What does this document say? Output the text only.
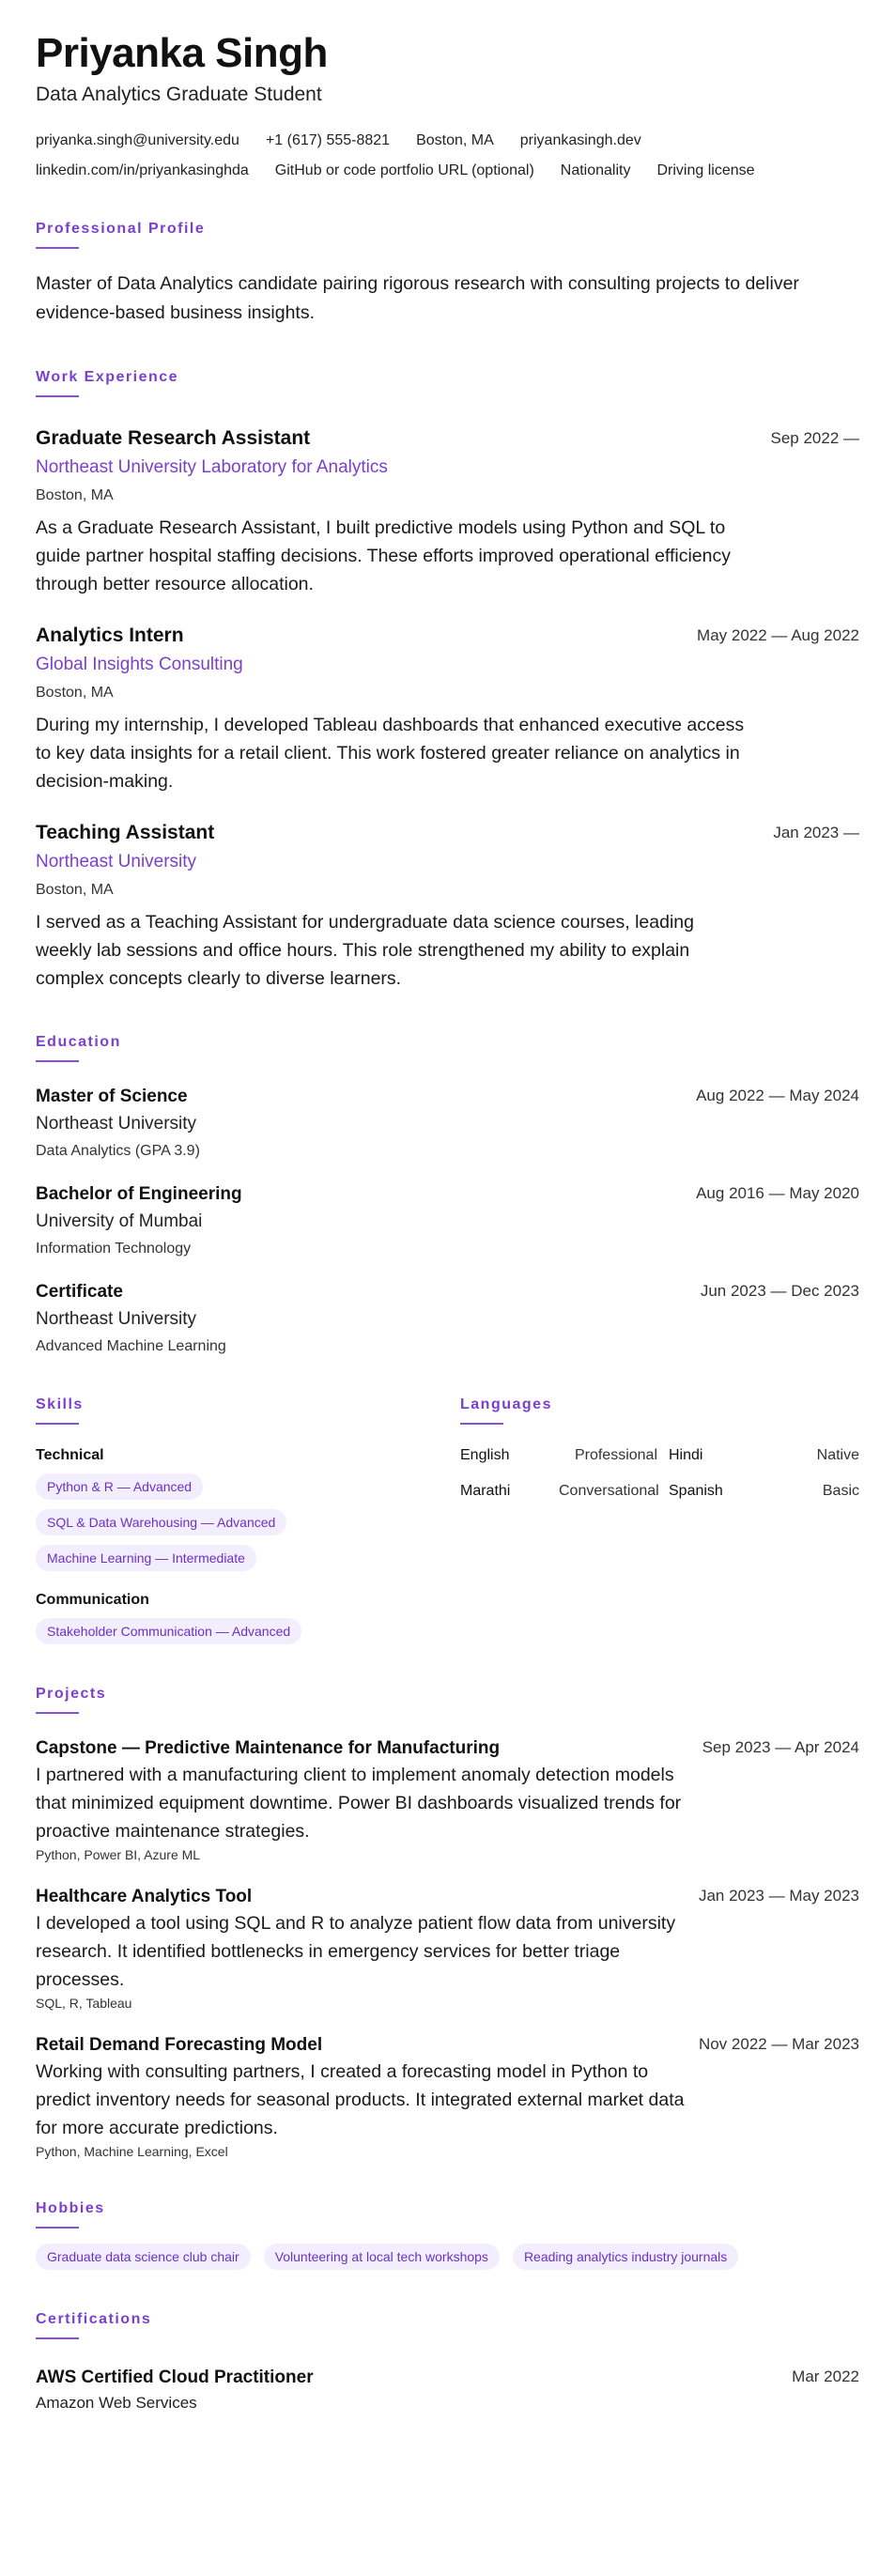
Priyanka Singh
Data Analytics Graduate Student
priyanka.singh@university.edu +1 (617) 555-8821 Boston, MA priyankasingh.dev
linkedin.com/in/priyankasinghda GitHub or code portfolio URL (optional) Nationality Driving license
Professional Profile
Master of Data Analytics candidate pairing rigorous research with consulting projects to deliver evidence-based business insights.
Work Experience
Graduate Research Assistant	Sep 2022 —
Northeast University Laboratory for Analytics
Boston, MA
As a Graduate Research Assistant, I built predictive models using Python and SQL to guide partner hospital staffing decisions. These efforts improved operational efficiency through better resource allocation.
Analytics Intern	May 2022 — Aug 2022
Global Insights Consulting
Boston, MA
During my internship, I developed Tableau dashboards that enhanced executive access to key data insights for a retail client. This work fostered greater reliance on analytics in decision-making.
Teaching Assistant	Jan 2023 —
Northeast University
Boston, MA
I served as a Teaching Assistant for undergraduate data science courses, leading weekly lab sessions and office hours. This role strengthened my ability to explain complex concepts clearly to diverse learners.
Education
Master of Science
Northeast University
Data Analytics (GPA 3.9)
Aug 2022 — May 2024
Bachelor of Engineering
University of Mumbai
Information Technology
Aug 2016 — May 2020
Certificate
Northeast University
Advanced Machine Learning
Jun 2023 — Dec 2023
Skills
Technical
Python & R — Advanced
SQL & Data Warehousing — Advanced
Machine Learning — Intermediate
Communication
Stakeholder Communication — Advanced
Languages
English	Professional Hindi	Native
Marathi	Conversational Spanish	Basic
Projects
Capstone — Predictive Maintenance for Manufacturing	Sep 2023 — Apr 2024
I partnered with a manufacturing client to implement anomaly detection models that minimized equipment downtime. Power BI dashboards visualized trends for proactive maintenance strategies.
Python, Power BI, Azure ML
Healthcare Analytics Tool	Jan 2023 — May 2023
I developed a tool using SQL and R to analyze patient flow data from university research. It identified bottlenecks in emergency services for better triage processes.
SQL, R, Tableau
Retail Demand Forecasting Model	Nov 2022 — Mar 2023
Working with consulting partners, I created a forecasting model in Python to predict inventory needs for seasonal products. It integrated external market data for more accurate predictions.
Python, Machine Learning, Excel
Hobbies
Graduate data science club chair	Volunteering at local tech workshops	Reading analytics industry journals
Certifications
AWS Certified Cloud Practitioner
Amazon Web Services
Mar 2022
